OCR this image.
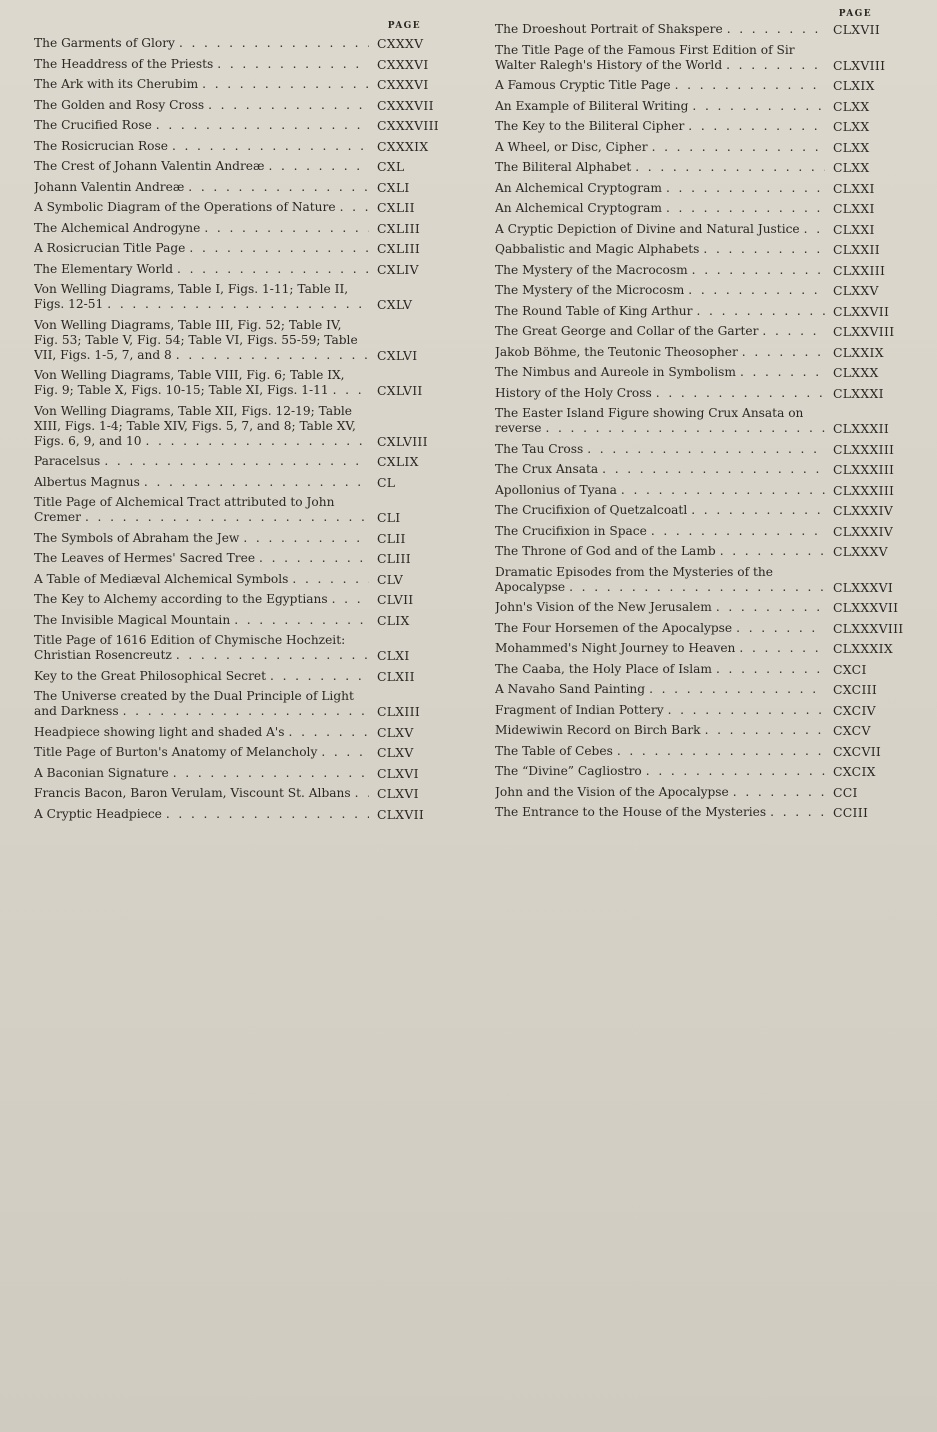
PAGE
The Garments of Glory . . .	CXXXV
The Headdress of the Priests . . .	CXXXVI
The Ark with its Cherubim . . .	CXXXVI
The Golden and Rosy Cross . . .	CXXXVII
The Crucified Rose . . .	CXXXVIII
The Rosicrucian Rose . . .	CXXXIX
The Crest of Johann Valentin Andreæ . . .	CXL
Johann Valentin Andreæ . . .	CXLI
A Symbolic Diagram of the Operations of Nature . . .	CXLII
The Alchemical Androgyne . . .	CXLIII
A Rosicrucian Title Page . . .	CXLIII
The Elementary World . . .	CXLIV
Von Welling Diagrams, Table I, Figs. 1-11; Table II, Figs. 12-51 . . .	CXLV
Von Welling Diagrams, Table III, Fig. 52; Table IV, Fig. 53; Table V, Fig. 54; Table VI, Figs. 55-59; Table VII, Figs. 1-5, 7, and 8 . . .	CXLVI
Von Welling Diagrams, Table VIII, Fig. 6; Table IX, Fig. 9; Table X, Figs. 10-15; Table XI, Figs. 1-11 . . .	CXLVII
Von Welling Diagrams, Table XII, Figs. 12-19; Table XIII, Figs. 1-4; Table XIV, Figs. 5, 7, and 8; Table XV, Figs. 6, 9, and 10 . . .	CXLVIII
Paracelsus . . .	CXLIX
Albertus Magnus . . .	CL
Title Page of Alchemical Tract attributed to John Cremer . . .	CLI
The Symbols of Abraham the Jew . . .	CLII
The Leaves of Hermes' Sacred Tree . . .	CLIII
A Table of Mediæval Alchemical Symbols . . .	CLV
The Key to Alchemy according to the Egyptians . . .	CLVII
The Invisible Magical Mountain . . .	CLIX
Title Page of 1616 Edition of Chymische Hochzeit: Christian Rosencreutz . . .	CLXI
Key to the Great Philosophical Secret . . .	CLXII
The Universe created by the Dual Principle of Light and Darkness . . .	CLXIII
Headpiece showing light and shaded A's . . .	CLXV
Title Page of Burton's Anatomy of Melancholy . . .	CLXV
A Baconian Signature . . .	CLXVI
Francis Bacon, Baron Verulam, Viscount St. Albans . . .	CLXVI
A Cryptic Headpiece . . .	CLXVII
PAGE
The Droeshout Portrait of Shakspere . . .	CLXVII
The Title Page of the Famous First Edition of Sir Walter Ralegh's History of the World . . .	CLXVIII
A Famous Cryptic Title Page . . .	CLXIX
An Example of Biliteral Writing . . .	CLXX
The Key to the Biliteral Cipher . . .	CLXX
A Wheel, or Disc, Cipher . . .	CLXX
The Biliteral Alphabet . . .	CLXX
An Alchemical Cryptogram . . .	CLXXI
An Alchemical Cryptogram . . .	CLXXI
A Cryptic Depiction of Divine and Natural Justice . . .	CLXXI
Qabbalistic and Magic Alphabets . . .	CLXXII
The Mystery of the Macrocosm . . .	CLXXIII
The Mystery of the Microcosm . . .	CLXXV
The Round Table of King Arthur . . .	CLXXVII
The Great George and Collar of the Garter . . .	CLXXVIII
Jakob Böhme, the Teutonic Theosopher . . .	CLXXIX
The Nimbus and Aureole in Symbolism . . .	CLXXX
History of the Holy Cross . . .	CLXXXI
The Easter Island Figure showing Crux Ansata on reverse . . .	CLXXXII
The Tau Cross . . .	CLXXXIII
The Crux Ansata . . .	CLXXXIII
Apollonius of Tyana . . .	CLXXXIII
The Crucifixion of Quetzalcoatl . . .	CLXXXIV
The Crucifixion in Space . . .	CLXXXIV
The Throne of God and of the Lamb . . .	CLXXXV
Dramatic Episodes from the Mysteries of the Apocalypse . . .	CLXXXVI
John's Vision of the New Jerusalem . . .	CLXXXVII
The Four Horsemen of the Apocalypse . . .	CLXXXVIII
Mohammed's Night Journey to Heaven . . .	CLXXXIX
The Caaba, the Holy Place of Islam . . .	CXCI
A Navaho Sand Painting . . .	CXCIII
Fragment of Indian Pottery . . .	CXCIV
Midewiwin Record on Birch Bark . . .	CXCV
The Table of Cebes . . .	CXCVII
The “Divine” Cagliostro . . .	CXCIX
John and the Vision of the Apocalypse . . .	CCI
The Entrance to the House of the Mysteries . . .	CCIII
